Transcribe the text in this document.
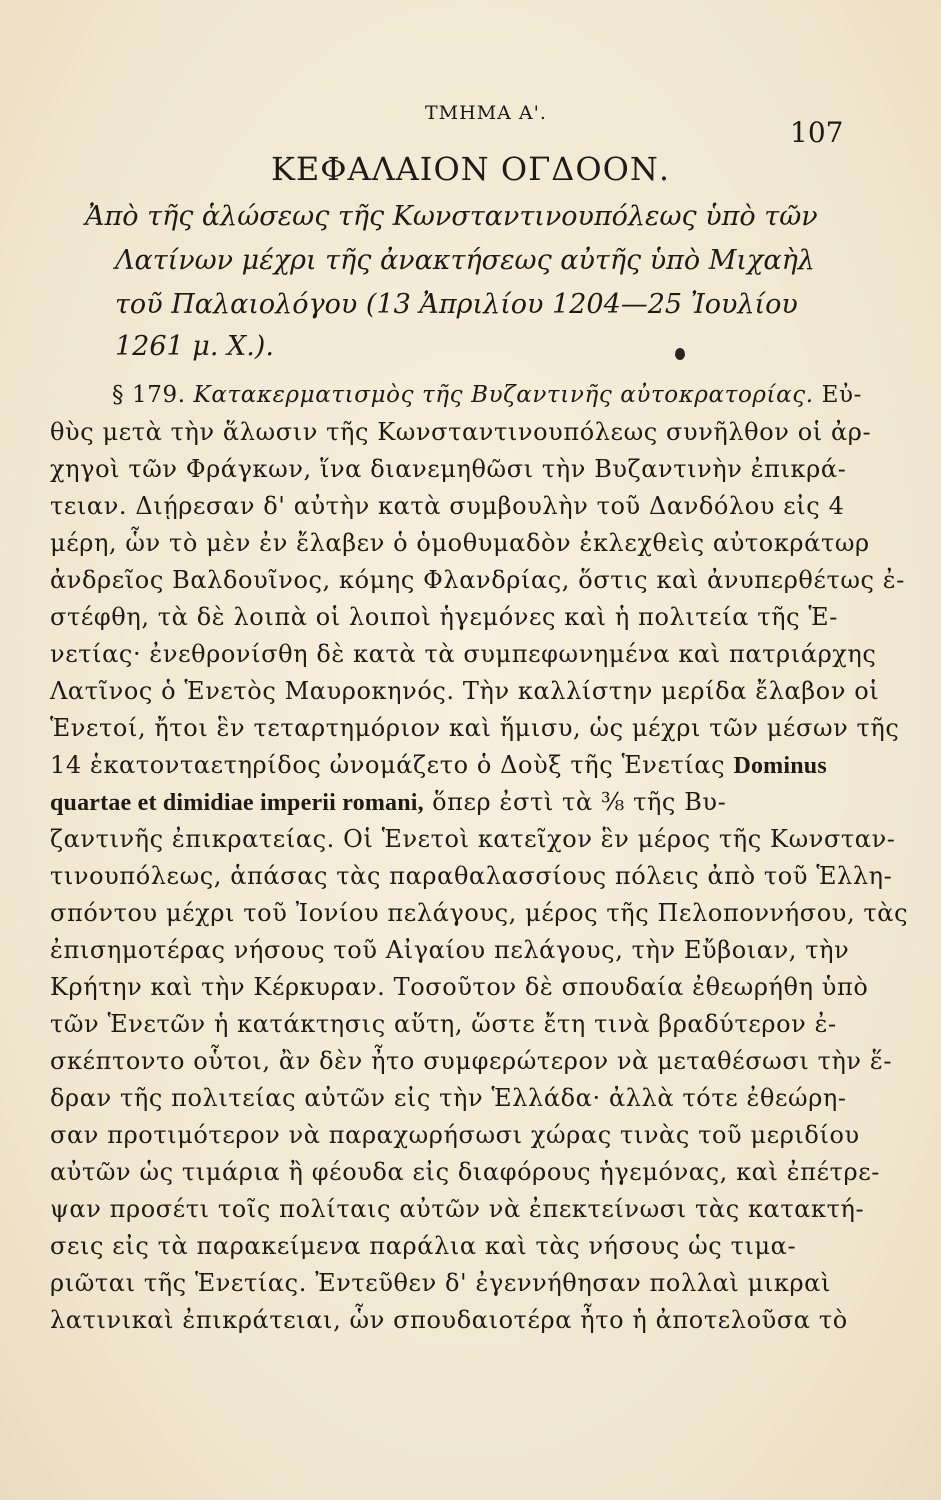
ΤΜΗΜΑ Α'.
107
ΚΕΦΑΛΑΙΟΝ ΟΓΔΟΟΝ.
Ἀπὸ τῆς ἁλώσεως τῆς Κωνσταντινουπόλεως ὑπὸ τῶν
Λατίνων μέχρι τῆς ἀνακτήσεως αὐτῆς ὑπὸ Μιχαὴλ
τοῦ Παλαιολόγου (13 Ἀπριλίου 1204—25 Ἰουλίου
1261 μ. Χ.).
§ 179. Κατακερματισμὸς τῆς Βυζαντινῆς αὐτοκρατορίας. Εὐ-
θὺς μετὰ τὴν ἅλωσιν τῆς Κωνσταντινουπόλεως συνῆλθον οἱ ἀρ-
χηγοὶ τῶν Φράγκων, ἵνα διανεμηθῶσι τὴν Βυζαντινὴν ἐπικρά-
τειαν. Διῄρεσαν δ' αὐτὴν κατὰ συμβουλὴν τοῦ Δανδόλου εἰς 4
μέρη, ὧν τὸ μὲν ἐν ἔλαβεν ὁ ὁμοθυμαδὸν ἐκλεχθεὶς αὐτοκράτωρ
ἀνδρεῖος Βαλδουῖνος, κόμης Φλανδρίας, ὅστις καὶ ἀνυπερθέτως ἐ-
στέφθη, τὰ δὲ λοιπὰ οἱ λοιποὶ ἡγεμόνες καὶ ἡ πολιτεία τῆς Ἑ-
νετίας· ἐνεθρονίσθη δὲ κατὰ τὰ συμπεφωνημένα καὶ πατριάρχης
Λατῖνος ὁ Ἑνετὸς Μαυροκηνός. Τὴν καλλίστην μερίδα ἔλαβον οἱ
Ἑνετοί, ἤτοι ἓν τεταρτημόριον καὶ ἥμισυ, ὡς μέχρι τῶν μέσων τῆς
14 ἑκατονταετηρίδος ὠνομάζετο ὁ Δοὺξ τῆς Ἑνετίας Dominus
quartae et dimidiae imperii romani, ὅπερ ἐστὶ τὰ ⅜ τῆς Βυ-
ζαντινῆς ἐπικρατείας. Οἱ Ἑνετοὶ κατεῖχον ἓν μέρος τῆς Κωνσταν-
τινουπόλεως, ἁπάσας τὰς παραθαλασσίους πόλεις ἀπὸ τοῦ Ἑλλη-
σπόντου μέχρι τοῦ Ἰονίου πελάγους, μέρος τῆς Πελοποννήσου, τὰς
ἐπισημοτέρας νήσους τοῦ Αἰγαίου πελάγους, τὴν Εὔβοιαν, τὴν
Κρήτην καὶ τὴν Κέρκυραν. Τοσοῦτον δὲ σπουδαία ἐθεωρήθη ὑπὸ
τῶν Ἑνετῶν ἡ κατάκτησις αὕτη, ὥστε ἔτη τινὰ βραδύτερον ἐ-
σκέπτοντο οὗτοι, ἂν δὲν ἦτο συμφερώτερον νὰ μεταθέσωσι τὴν ἕ-
δραν τῆς πολιτείας αὐτῶν εἰς τὴν Ἑλλάδα· ἀλλὰ τότε ἐθεώρη-
σαν προτιμότερον νὰ παραχωρήσωσι χώρας τινὰς τοῦ μεριδίου
αὐτῶν ὡς τιμάρια ἢ φέουδα εἰς διαφόρους ἡγεμόνας, καὶ ἐπέτρε-
ψαν προσέτι τοῖς πολίταις αὐτῶν νὰ ἐπεκτείνωσι τὰς κατακτή-
σεις εἰς τὰ παρακείμενα παράλια καὶ τὰς νήσους ὡς τιμα-
ριῶται τῆς Ἑνετίας. Ἐντεῦθεν δ' ἐγεννήθησαν πολλαὶ μικραὶ
λατινικαὶ ἐπικράτειαι, ὧν σπουδαιοτέρα ἦτο ἡ ἀποτελοῦσα τὸ
